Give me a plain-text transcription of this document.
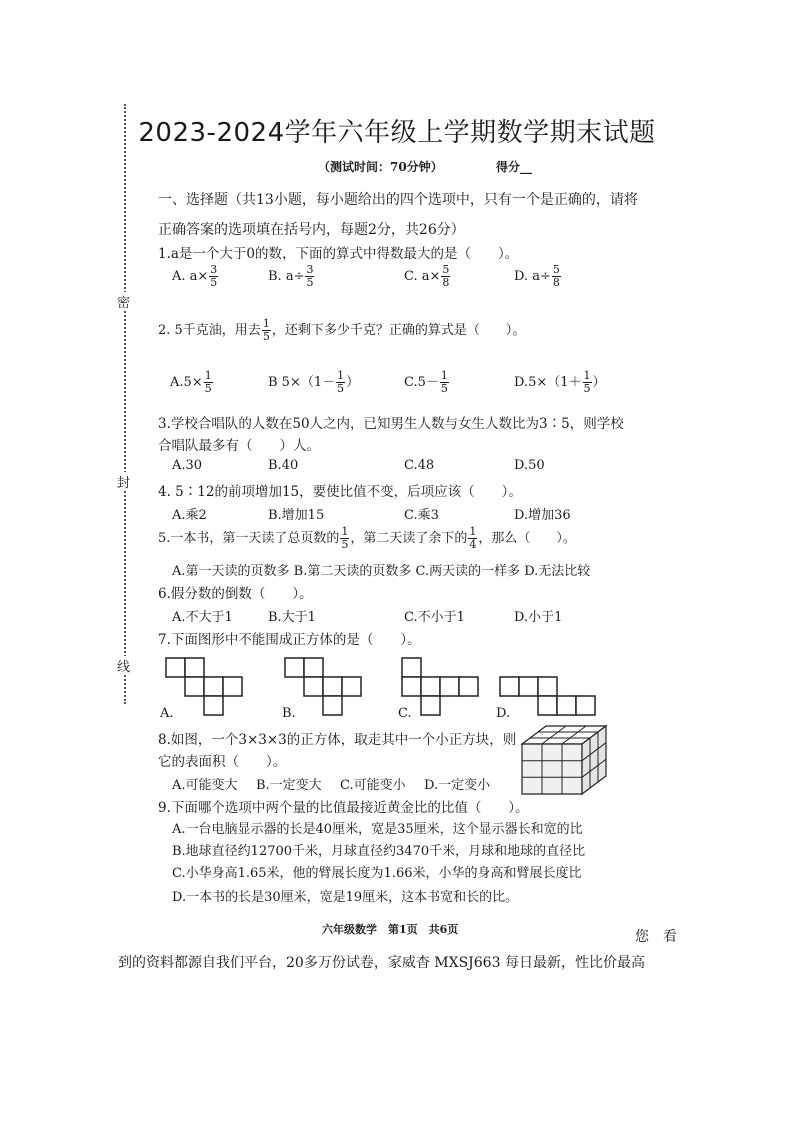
密
封
线
2023-2024学年六年级上学期数学期末试题
（测试时间：70分钟）	得分__
一、选择题（共13小题，每小题给出的四个选项中，只有一个是正确的，请将
正确答案的选项填在括号内，每题2分，共26分）
1.a是一个大于0的数，下面的算式中得数最大的是（　　）。
A. $a\times \frac{3}{5}$	B. $a\div \frac{3}{5}$	C. $a\times \frac{5}{8}$	D. $a\div \frac{5}{8}$
2. 5千克油，用去 $\frac{1}{5}$ ，还剩下多少千克？正确的算式是（　　）。
$A.5\times \frac{1}{5}$	B $5\times(1- \frac{1}{5}$ ）	$C.5- \frac{1}{5}$	$D.5\times(1+ \frac{1}{5}$ ）
3.学校合唱队的人数在50人之内，已知男生人数与女生人数比为3∶5，则学校
合唱队最多有（　　）人。
A.30	B.40	C.48	D.50
4. 5∶12的前项增加15，要使比值不变，后项应该（　　）。
A.乘2	B.增加15	C.乘3	D.增加36
5.一本书，第一天读了总页数的 $\frac{1}{5}$ ，第二天读了余下的 $\frac{1}{4}$ ，那么（　　）。
A.第一天读的页数多 B.第二天读的页数多 C.两天读的一样多 D.无法比较
6.假分数的倒数（　　）。
A.不大于1	B.大于1	C.不小于1	D.小于1
7.下面图形中不能围成正方体的是（　　）。
A.	B.	C.	D.
8.如图，一个3×3×3的正方体，取走其中一个小正方块，则
它的表面积（　　）。
A.可能变大 B.一定变大 C.可能变小 D.一定变小
9.下面哪个选项中两个量的比值最接近黄金比的比值（　　）。
A.一台电脑显示器的长是40厘米，宽是35厘米，这个显示器长和宽的比
B.地球直径约12700千米，月球直径约3470千米，月球和地球的直径比
C.小华身高1.65米，他的臂展长度为1.66米，小华的身高和臂展长度比
D.一本书的长是30厘米，宽是19厘米，这本书宽和长的比。
六年级数学　第1页　共6页	您　看
到的资料都源自我们平台，20多万份试卷，家威杳 MXSJ663 每日最新，性比价最高
